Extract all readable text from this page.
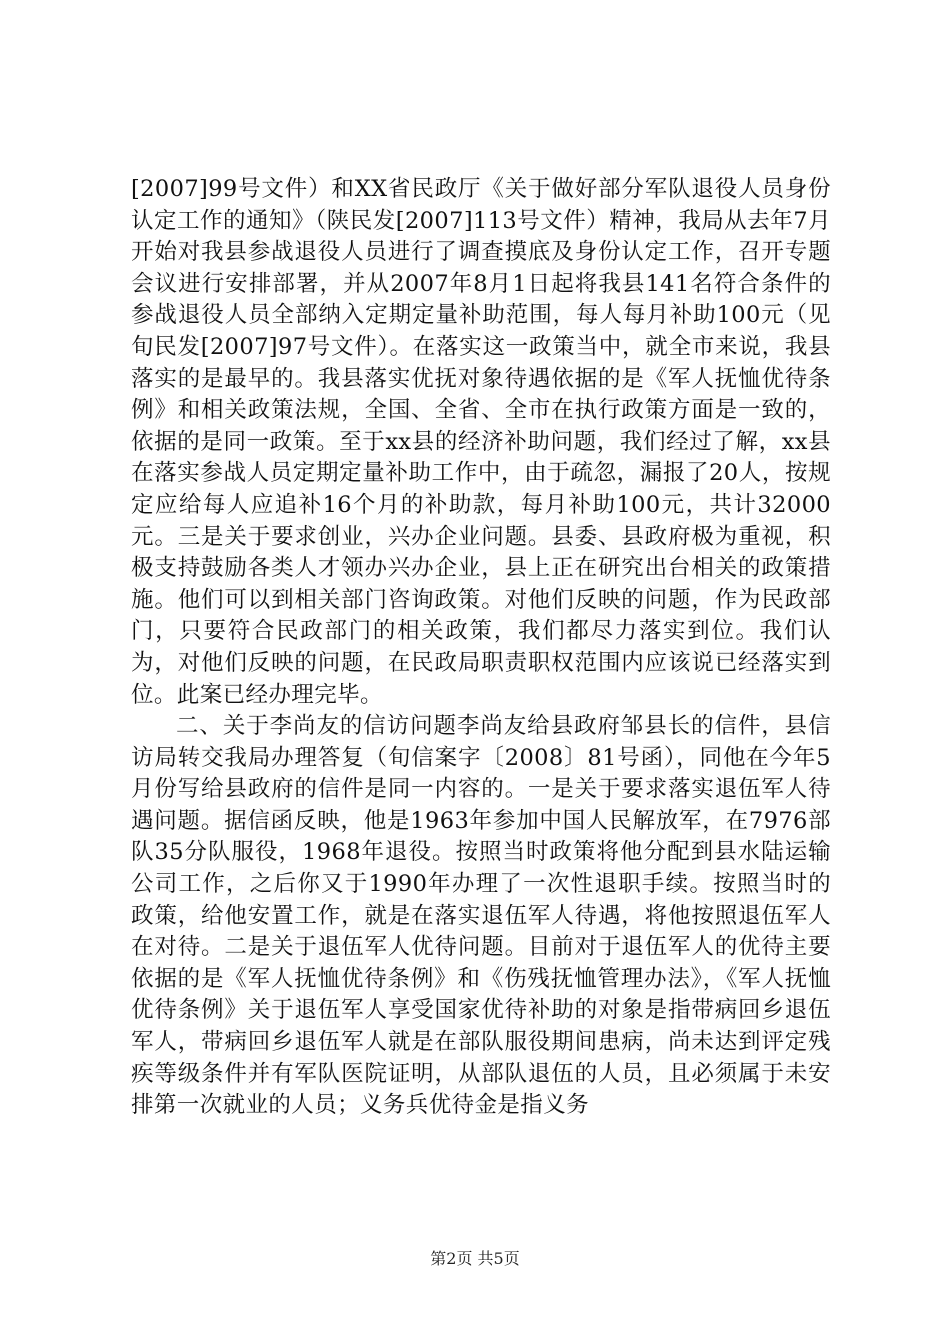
[2007]99号文件）和XX省民政厅《关于做好部分军队退役人员身份认定工作的通知》（陕民发[2007]113号文件）精神，我局从去年7月开始对我县参战退役人员进行了调查摸底及身份认定工作，召开专题会议进行安排部署，并从2007年8月1日起将我县141名符合条件的参战退役人员全部纳入定期定量补助范围，每人每月补助100元（见旬民发[2007]97号文件）。在落实这一政策当中，就全市来说，我县落实的是最早的。我县落实优抚对象待遇依据的是《军人抚恤优待条例》和相关政策法规，全国、全省、全市在执行政策方面是一致的，依据的是同一政策。至于xx县的经济补助问题，我们经过了解，xx县在落实参战人员定期定量补助工作中，由于疏忽，漏报了20人，按规定应给每人应追补16个月的补助款，每月补助100元，共计32000元。三是关于要求创业，兴办企业问题。县委、县政府极为重视，积极支持鼓励各类人才领办兴办企业，县上正在研究出台相关的政策措施。他们可以到相关部门咨询政策。对他们反映的问题，作为民政部门，只要符合民政部门的相关政策，我们都尽力落实到位。我们认为，对他们反映的问题，在民政局职责职权范围内应该说已经落实到位。此案已经办理完毕。

二、关于李尚友的信访问题李尚友给县政府邹县长的信件，县信访局转交我局办理答复（旬信案字〔2008〕81号函），同他在今年5月份写给县政府的信件是同一内容的。一是关于要求落实退伍军人待遇问题。据信函反映，他是1963年参加中国人民解放军，在7976部队35分队服役，1968年退役。按照当时政策将他分配到县水陆运输公司工作，之后你又于1990年办理了一次性退职手续。按照当时的政策，给他安置工作，就是在落实退伍军人待遇，将他按照退伍军人在对待。二是关于退伍军人优待问题。目前对于退伍军人的优待主要依据的是《军人抚恤优待条例》和《伤残抚恤管理办法》，《军人抚恤优待条例》关于退伍军人享受国家优待补助的对象是指带病回乡退伍军人，带病回乡退伍军人就是在部队服役期间患病，尚未达到评定残疾等级条件并有军队医院证明，从部队退伍的人员，且必须属于未安排第一次就业的人员；义务兵优待金是指义务

第2页 共5页
